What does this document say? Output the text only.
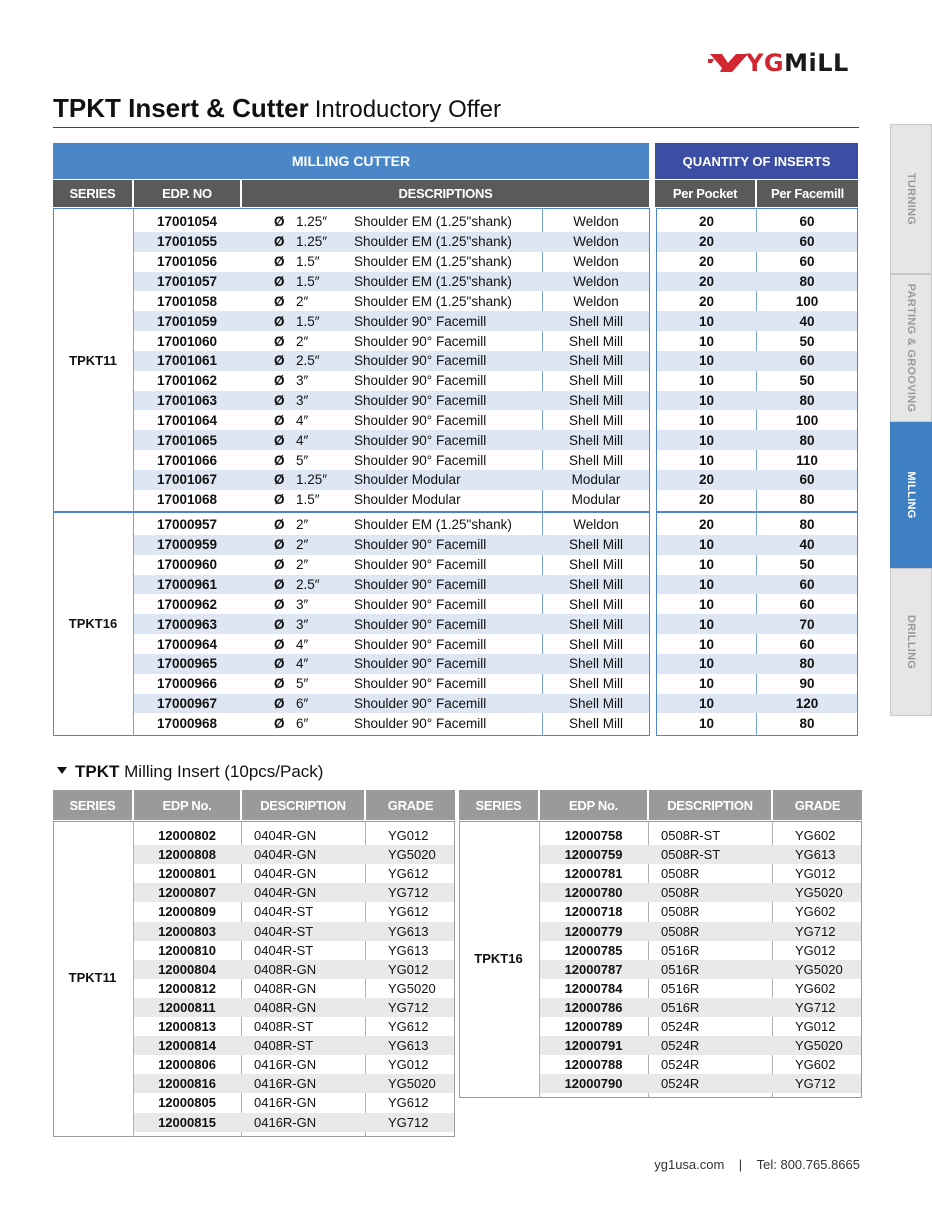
YGMiLL
TPKT Insert & Cutter Introductory Offer
TURNING
PARTING & GROOVING
MILLING
DRILLING
MILLING CUTTER	QUANTITY OF INSERTS
SERIES	EDP. NO	DESCRIPTIONS	Per Pocket	Per Facemill
TPKT11
17001054	Ø 1.25″	Shoulder EM (1.25"shank)	Weldon	20	60
17001055	Ø 1.25″	Shoulder EM (1.25"shank)	Weldon	20	60
17001056	Ø 1.5″	Shoulder EM (1.25"shank)	Weldon	20	60
17001057	Ø 1.5″	Shoulder EM (1.25"shank)	Weldon	20	80
17001058	Ø 2″	Shoulder EM (1.25"shank)	Weldon	20	100
17001059	Ø 1.5″	Shoulder 90° Facemill	Shell Mill	10	40
17001060	Ø 2″	Shoulder 90° Facemill	Shell Mill	10	50
17001061	Ø 2.5″	Shoulder 90° Facemill	Shell Mill	10	60
17001062	Ø 3″	Shoulder 90° Facemill	Shell Mill	10	50
17001063	Ø 3″	Shoulder 90° Facemill	Shell Mill	10	80
17001064	Ø 4″	Shoulder 90° Facemill	Shell Mill	10	100
17001065	Ø 4″	Shoulder 90° Facemill	Shell Mill	10	80
17001066	Ø 5″	Shoulder 90° Facemill	Shell Mill	10	110
17001067	Ø 1.25″	Shoulder Modular	Modular	20	60
17001068	Ø 1.5″	Shoulder Modular	Modular	20	80
TPKT16
17000957	Ø 2″	Shoulder EM (1.25"shank)	Weldon	20	80
17000959	Ø 2″	Shoulder 90° Facemill	Shell Mill	10	40
17000960	Ø 2″	Shoulder 90° Facemill	Shell Mill	10	50
17000961	Ø 2.5″	Shoulder 90° Facemill	Shell Mill	10	60
17000962	Ø 3″	Shoulder 90° Facemill	Shell Mill	10	60
17000963	Ø 3″	Shoulder 90° Facemill	Shell Mill	10	70
17000964	Ø 4″	Shoulder 90° Facemill	Shell Mill	10	60
17000965	Ø 4″	Shoulder 90° Facemill	Shell Mill	10	80
17000966	Ø 5″	Shoulder 90° Facemill	Shell Mill	10	90
17000967	Ø 6″	Shoulder 90° Facemill	Shell Mill	10	120
17000968	Ø 6″	Shoulder 90° Facemill	Shell Mill	10	80
TPKT Milling Insert (10pcs/Pack)
SERIES	EDP No.	DESCRIPTION	GRADE
TPKT11
12000802	0404R-GN	YG012
12000808	0404R-GN	YG5020
12000801	0404R-GN	YG612
12000807	0404R-GN	YG712
12000809	0404R-ST	YG612
12000803	0404R-ST	YG613
12000810	0404R-ST	YG613
12000804	0408R-GN	YG012
12000812	0408R-GN	YG5020
12000811	0408R-GN	YG712
12000813	0408R-ST	YG612
12000814	0408R-ST	YG613
12000806	0416R-GN	YG012
12000816	0416R-GN	YG5020
12000805	0416R-GN	YG612
12000815	0416R-GN	YG712
SERIES	EDP No.	DESCRIPTION	GRADE
TPKT16
12000758	0508R-ST	YG602
12000759	0508R-ST	YG613
12000781	0508R	YG012
12000780	0508R	YG5020
12000718	0508R	YG602
12000779	0508R	YG712
12000785	0516R	YG012
12000787	0516R	YG5020
12000784	0516R	YG602
12000786	0516R	YG712
12000789	0524R	YG012
12000791	0524R	YG5020
12000788	0524R	YG602
12000790	0524R	YG712
yg1usa.com | Tel: 800.765.8665
